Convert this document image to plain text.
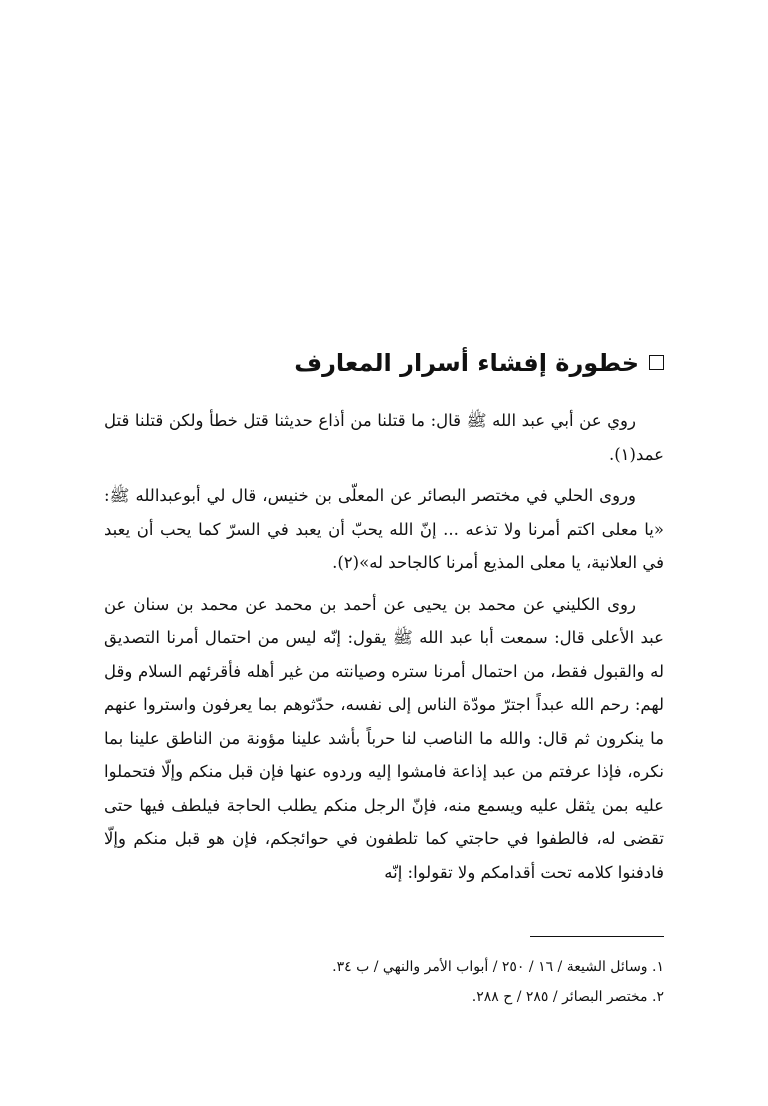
خطورة إفشاء أسرار المعارف

روي عن أبي عبد الله ﷺ قال: ما قتلنا من أذاع حديثنا قتل خطأ ولكن قتلنا قتل عمد(١).

وروى الحلي في مختصر البصائر عن المعلّى بن خنيس، قال لي أبوعبدالله ﷺ: «يا معلى اكتم أمرنا ولا تذعه ... إنّ الله يحبّ أن يعبد في السرّ كما يحب أن يعبد في العلانية، يا معلى المذيع أمرنا كالجاحد له»(٢).

روى الكليني عن محمد بن يحيى عن أحمد بن محمد عن محمد بن سنان عن عبد الأعلى قال: سمعت أبا عبد الله ﷺ يقول: إنّه ليس من احتمال أمرنا التصديق له والقبول فقط، من احتمال أمرنا ستره وصيانته من غير أهله فأقرئهم السلام وقل لهم: رحم الله عبداً اجترّ مودّة الناس إلى نفسه، حدّثوهم بما يعرفون واستروا عنهم ما ينكرون ثم قال: والله ما الناصب لنا حرباً بأشد علينا مؤونة من الناطق علينا بما نكره، فإذا عرفتم من عبد إذاعة فامشوا إليه وردوه عنها فإن قبل منكم وإلّا فتحملوا عليه بمن يثقل عليه ويسمع منه، فإنّ الرجل منكم يطلب الحاجة فيلطف فيها حتى تقضى له، فالطفوا في حاجتي كما تلطفون في حوائجكم، فإن هو قبل منكم وإلّا فادفنوا كلامه تحت أقدامكم ولا تقولوا: إنّه

١. وسائل الشيعة / ١٦ / ٢٥٠ / أبواب الأمر والنهي / ب ٣٤.
٢. مختصر البصائر / ٢٨٥ / ح ٢٨٨.
